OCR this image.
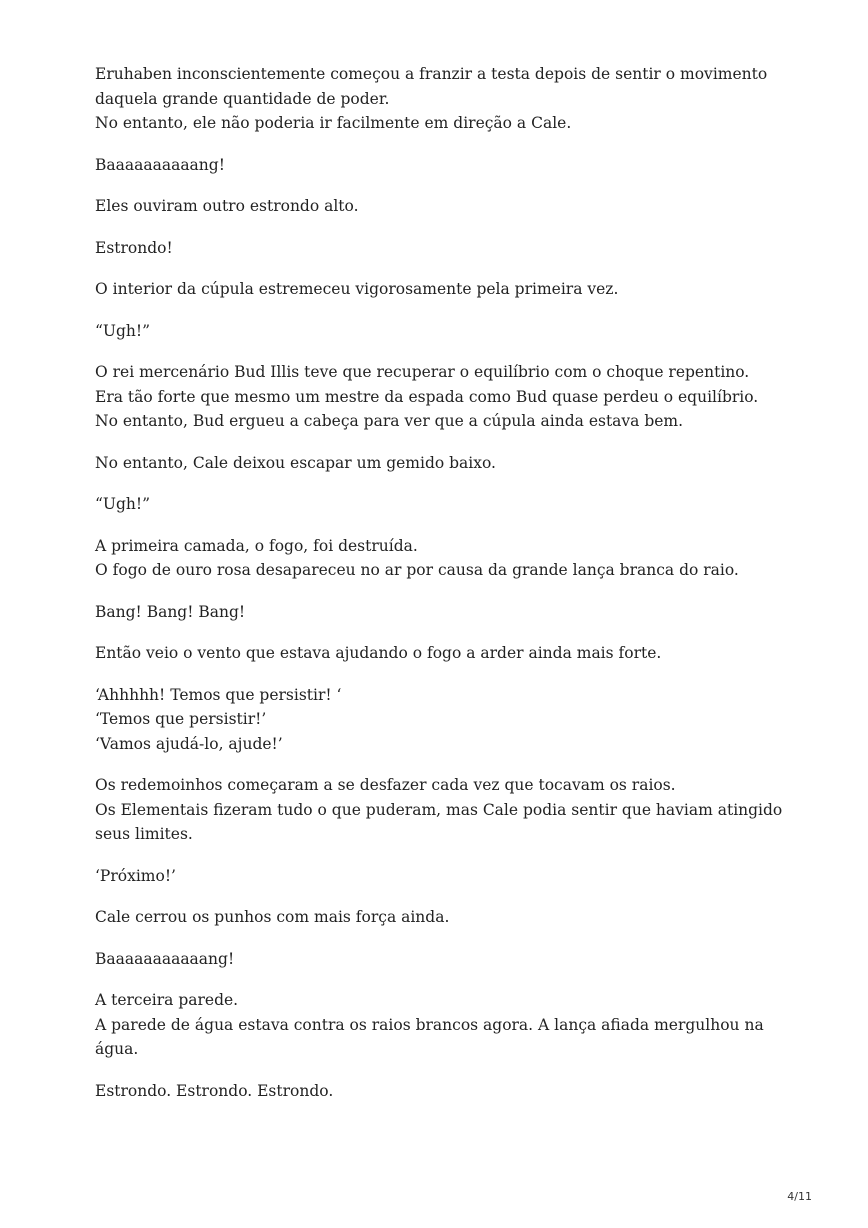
Eruhaben inconscientemente começou a franzir a testa depois de sentir o movimento
daquela grande quantidade de poder.
No entanto, ele não poderia ir facilmente em direção a Cale.
Baaaaaaaaaang!
Eles ouviram outro estrondo alto.
Estrondo!
O interior da cúpula estremeceu vigorosamente pela primeira vez.
“Ugh!”
O rei mercenário Bud Illis teve que recuperar o equilíbrio com o choque repentino.
Era tão forte que mesmo um mestre da espada como Bud quase perdeu o equilíbrio.
No entanto, Bud ergueu a cabeça para ver que a cúpula ainda estava bem.
No entanto, Cale deixou escapar um gemido baixo.
“Ugh!”
A primeira camada, o fogo, foi destruída.
O fogo de ouro rosa desapareceu no ar por causa da grande lança branca do raio.
Bang! Bang! Bang!
Então veio o vento que estava ajudando o fogo a arder ainda mais forte.
‘Ahhhhh! Temos que persistir! ‘
‘Temos que persistir!’
‘Vamos ajudá-lo, ajude!’
Os redemoinhos começaram a se desfazer cada vez que tocavam os raios.
Os Elementais fizeram tudo o que puderam, mas Cale podia sentir que haviam atingido
seus limites.
‘Próximo!’
Cale cerrou os punhos com mais força ainda.
Baaaaaaaaaaang!
A terceira parede.
A parede de água estava contra os raios brancos agora. A lança afiada mergulhou na
água.
Estrondo. Estrondo. Estrondo.
4/11
